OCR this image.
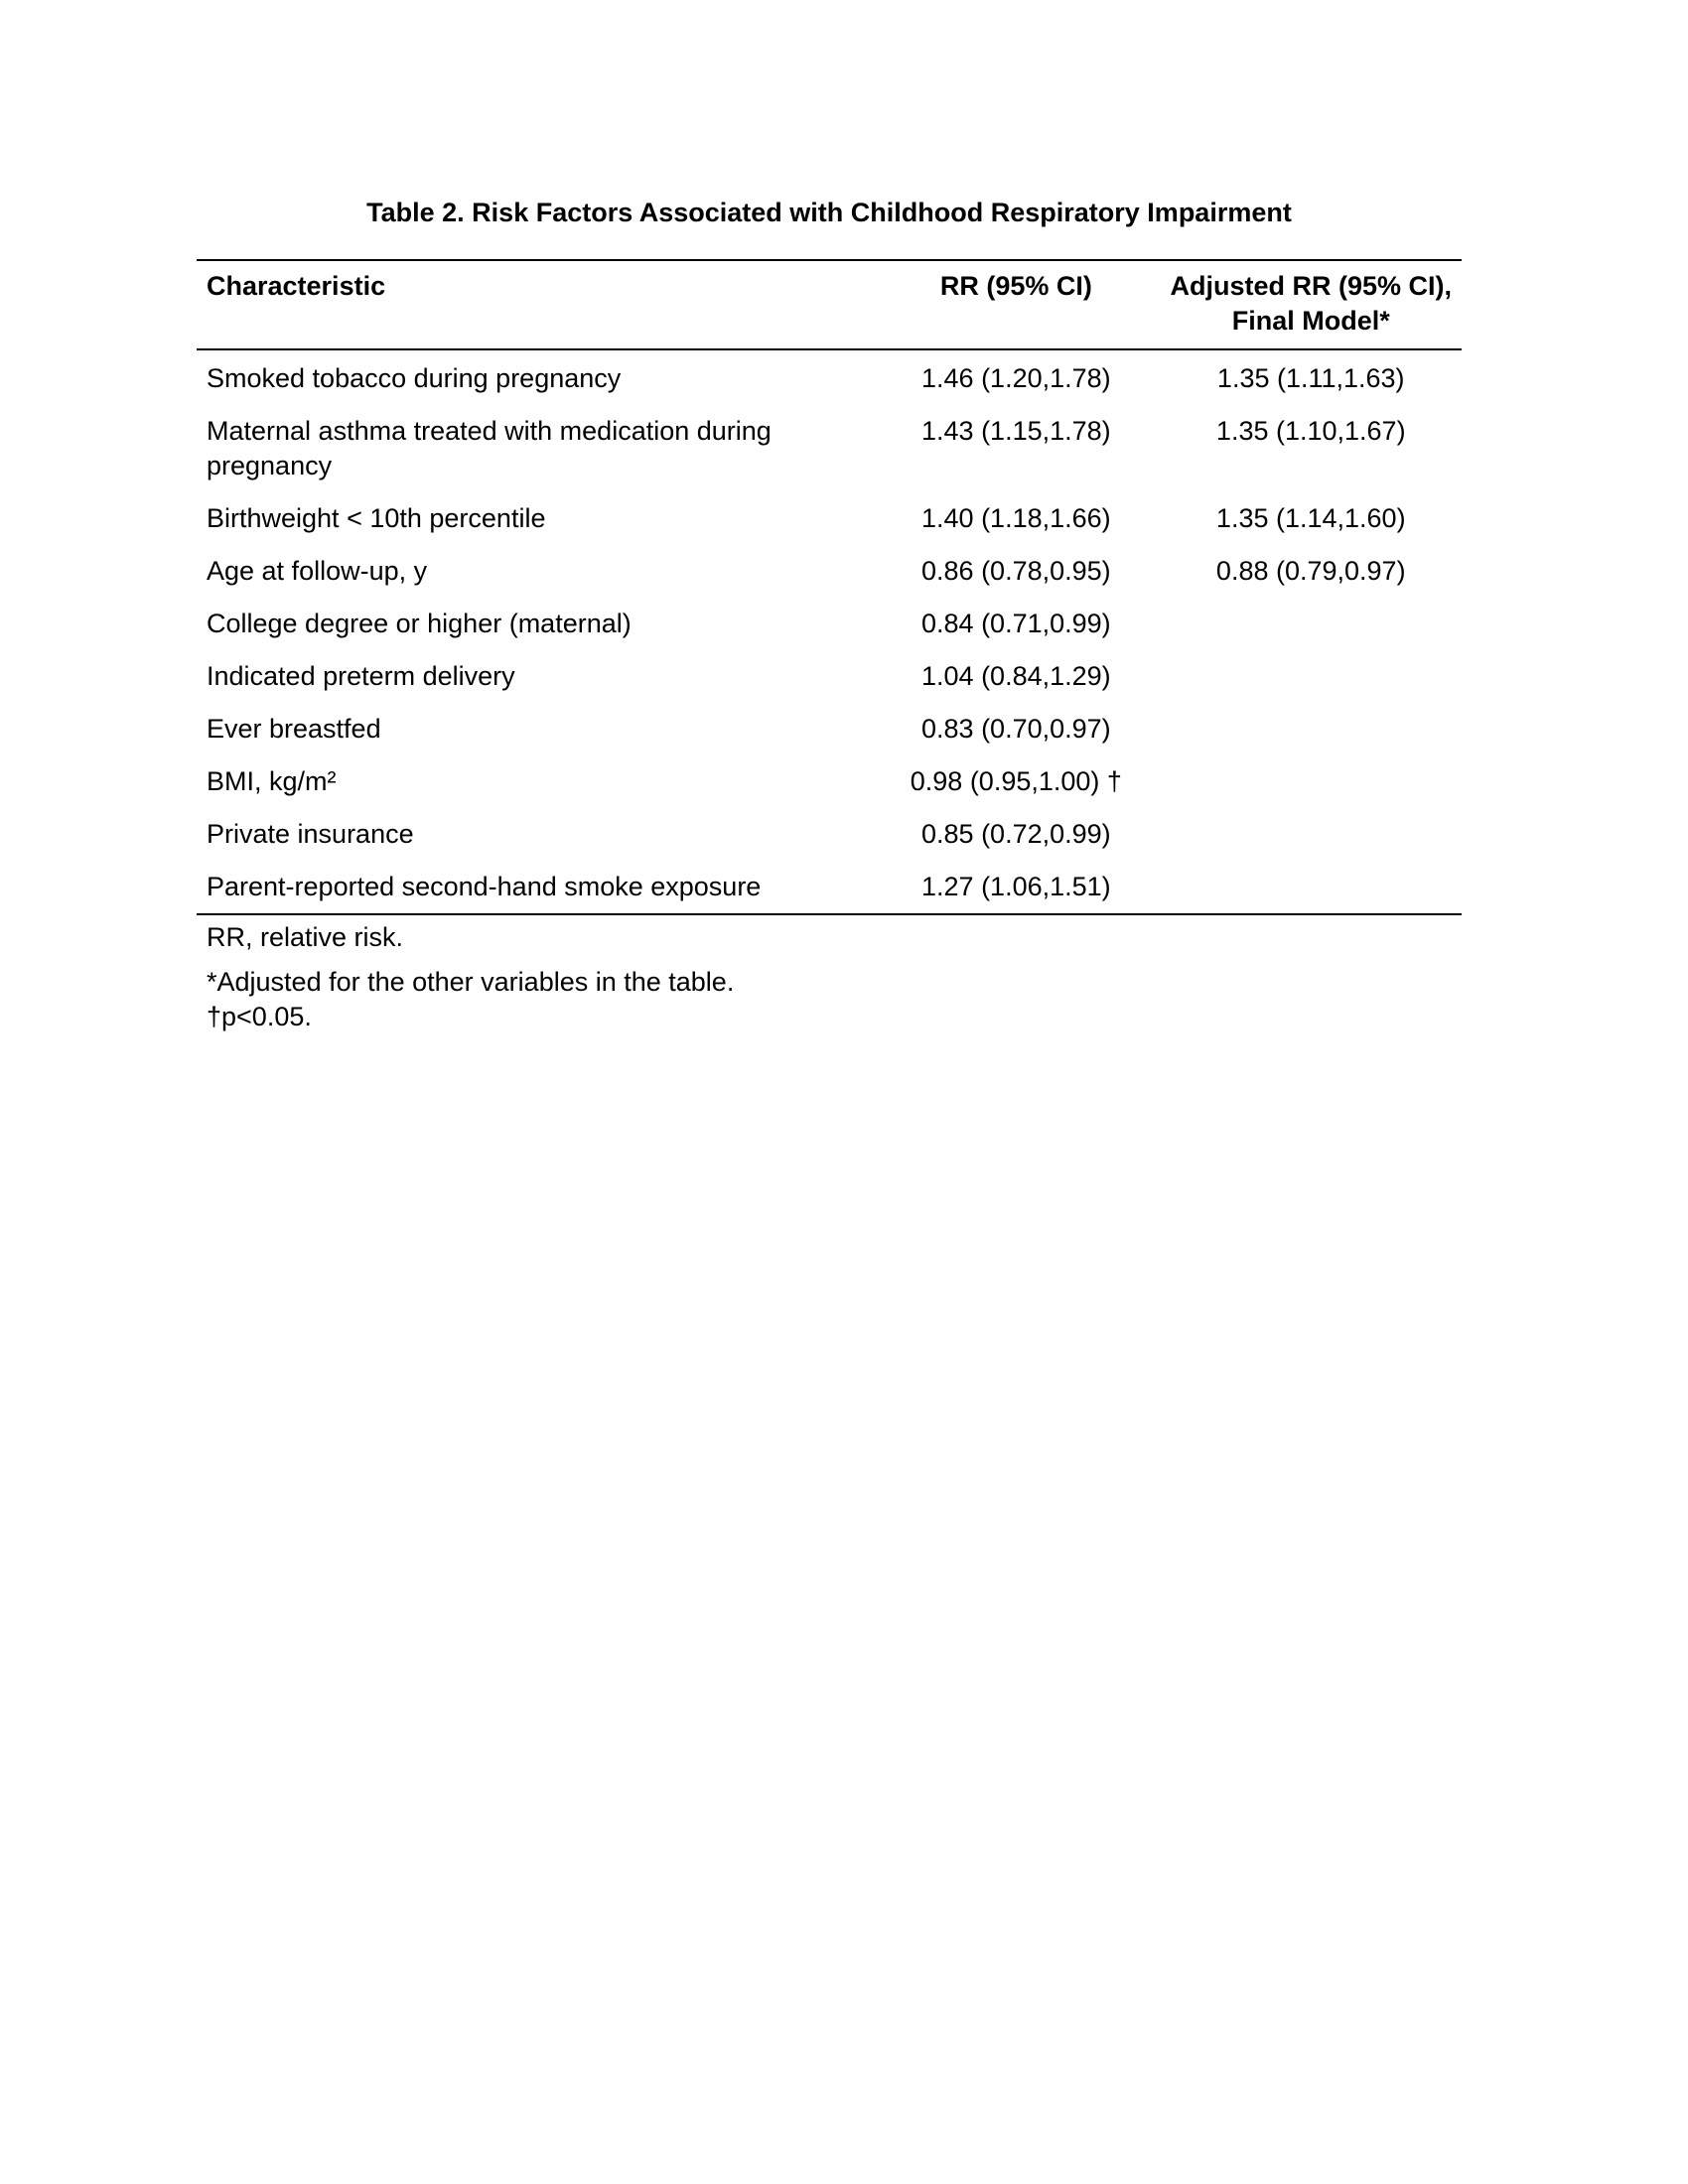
Table 2. Risk Factors Associated with Childhood Respiratory Impairment
Characteristic	RR (95% CI)	Adjusted RR (95% CI),
Final Model*
Smoked tobacco during pregnancy	1.46 (1.20,1.78)	1.35 (1.11,1.63)
Maternal asthma treated with medication during pregnancy	1.43 (1.15,1.78)	1.35 (1.10,1.67)
Birthweight < 10th percentile	1.40 (1.18,1.66)	1.35 (1.14,1.60)
Age at follow-up, y	0.86 (0.78,0.95)	0.88 (0.79,0.97)
College degree or higher (maternal)	0.84 (0.71,0.99)	
Indicated preterm delivery	1.04 (0.84,1.29)	
Ever breastfed	0.83 (0.70,0.97)	
BMI, kg/m²	0.98 (0.95,1.00) †	
Private insurance	0.85 (0.72,0.99)	
Parent-reported second-hand smoke exposure	1.27 (1.06,1.51)	

RR, relative risk.

*Adjusted for the other variables in the table.

†p<0.05.
